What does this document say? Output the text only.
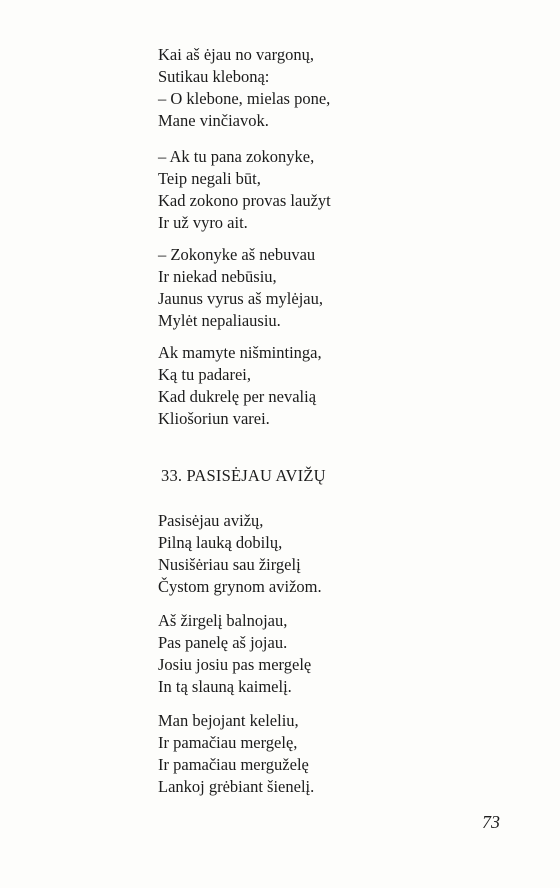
Kai aš ėjau no vargonų,
Sutikau kleboną:
– O klebone, mielas pone,
Mane vinčiavok.
– Ak tu pana zokonyke,
Teip negali būt,
Kad zokono provas laužyt
Ir už vyro ait.
– Zokonyke aš nebuvau
Ir niekad nebūsiu,
Jaunus vyrus aš mylėjau,
Mylėt nepaliausiu.
Ak mamyte nišmintinga,
Ką tu padarei,
Kad dukrelę per nevalią
Kliošoriun varei.
33. PASISĖJAU AVIŽŲ
Pasisėjau avižų,
Pilną lauką dobilų,
Nusišėriau sau žirgelį
Čystom grynom avižom.
Aš žirgelį balnojau,
Pas panelę aš jojau.
Josiu josiu pas mergelę
In tą slauną kaimelį.
Man bejojant keleliu,
Ir pamačiau mergelę,
Ir pamačiau merguželę
Lankoj grėbiant šienelį.
73
